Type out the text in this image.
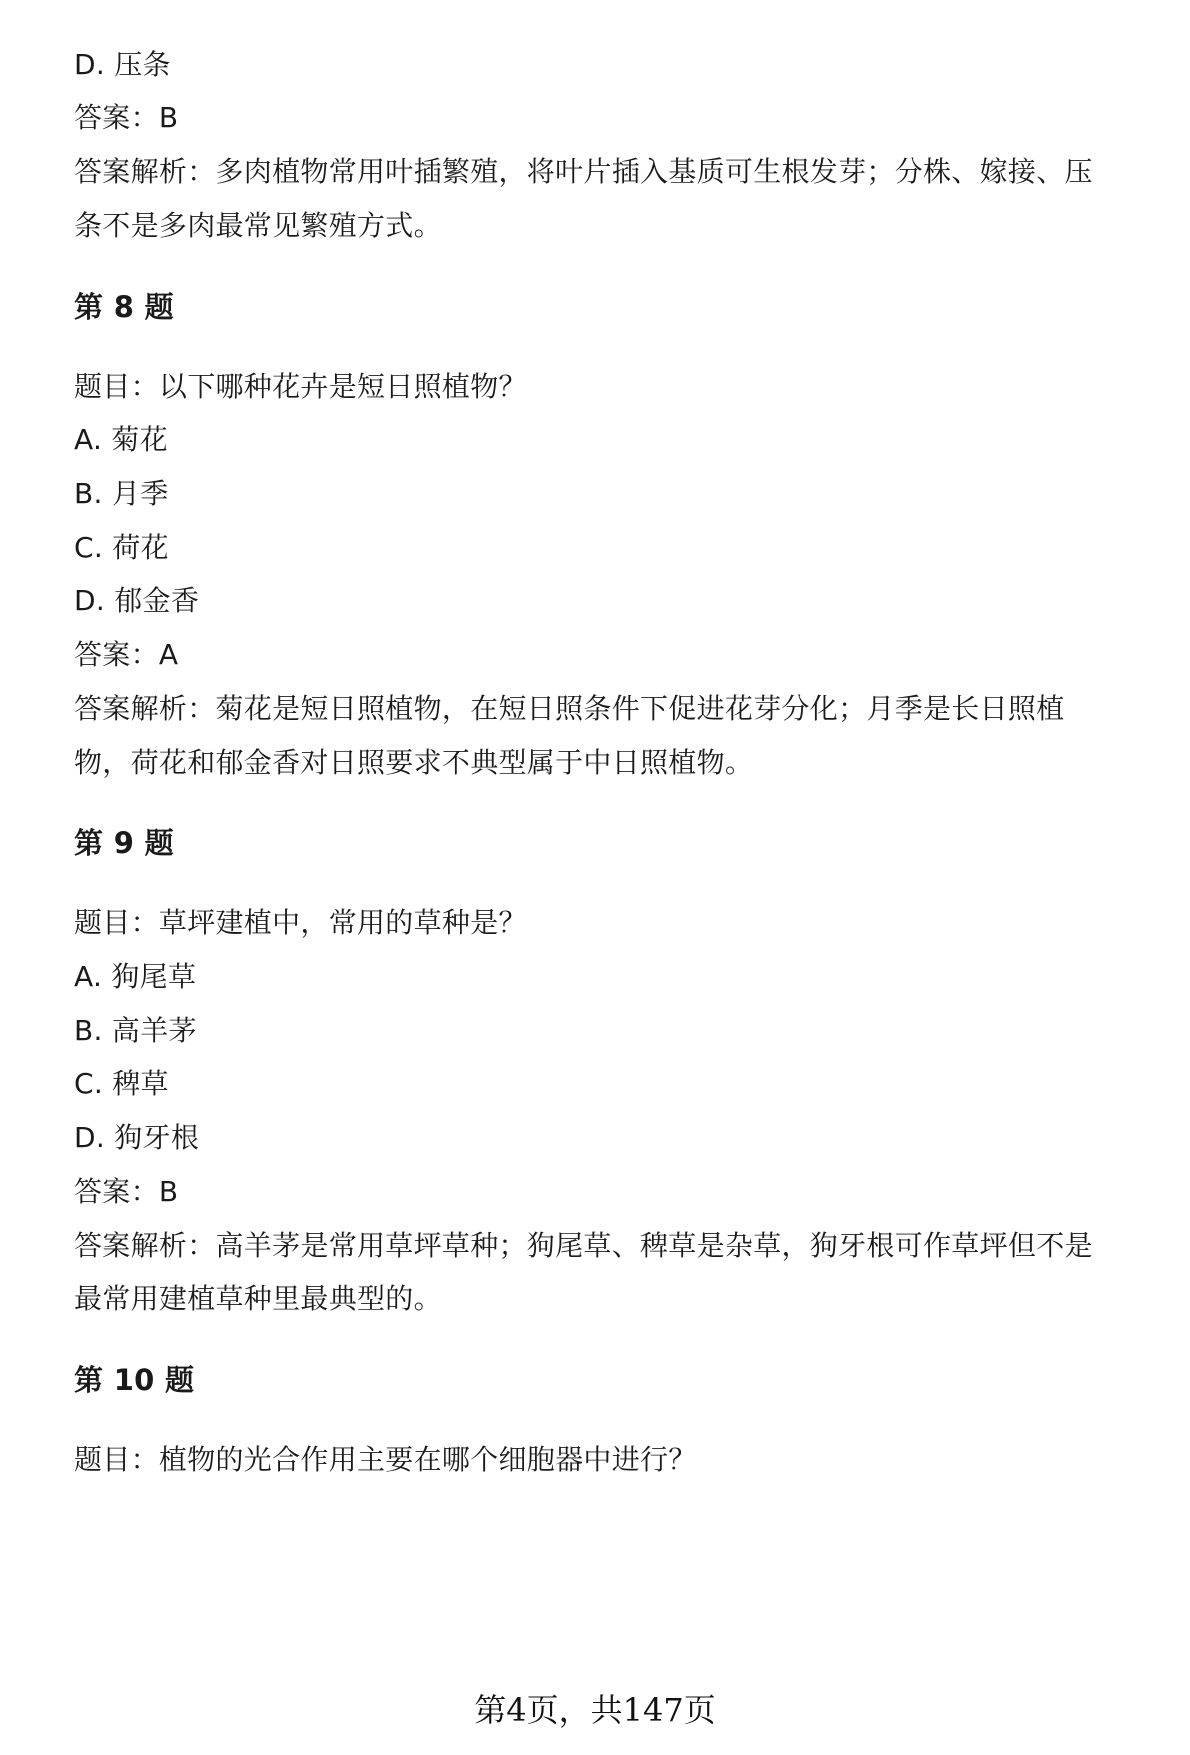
D. 压条
答案：B
答案解析：多肉植物常用叶插繁殖，将叶片插入基质可生根发芽；分株、嫁接、压
条不是多肉最常见繁殖方式。
第 8 题
题目：以下哪种花卉是短日照植物？
A. 菊花
B. 月季
C. 荷花
D. 郁金香
答案：A
答案解析：菊花是短日照植物，在短日照条件下促进花芽分化；月季是长日照植
物，荷花和郁金香对日照要求不典型属于中日照植物。
第 9 题
题目：草坪建植中，常用的草种是？
A. 狗尾草
B. 高羊茅
C. 稗草
D. 狗牙根
答案：B
答案解析：高羊茅是常用草坪草种；狗尾草、稗草是杂草，狗牙根可作草坪但不是
最常用建植草种里最典型的。
第 10 题
题目：植物的光合作用主要在哪个细胞器中进行？
第4页，共147页
